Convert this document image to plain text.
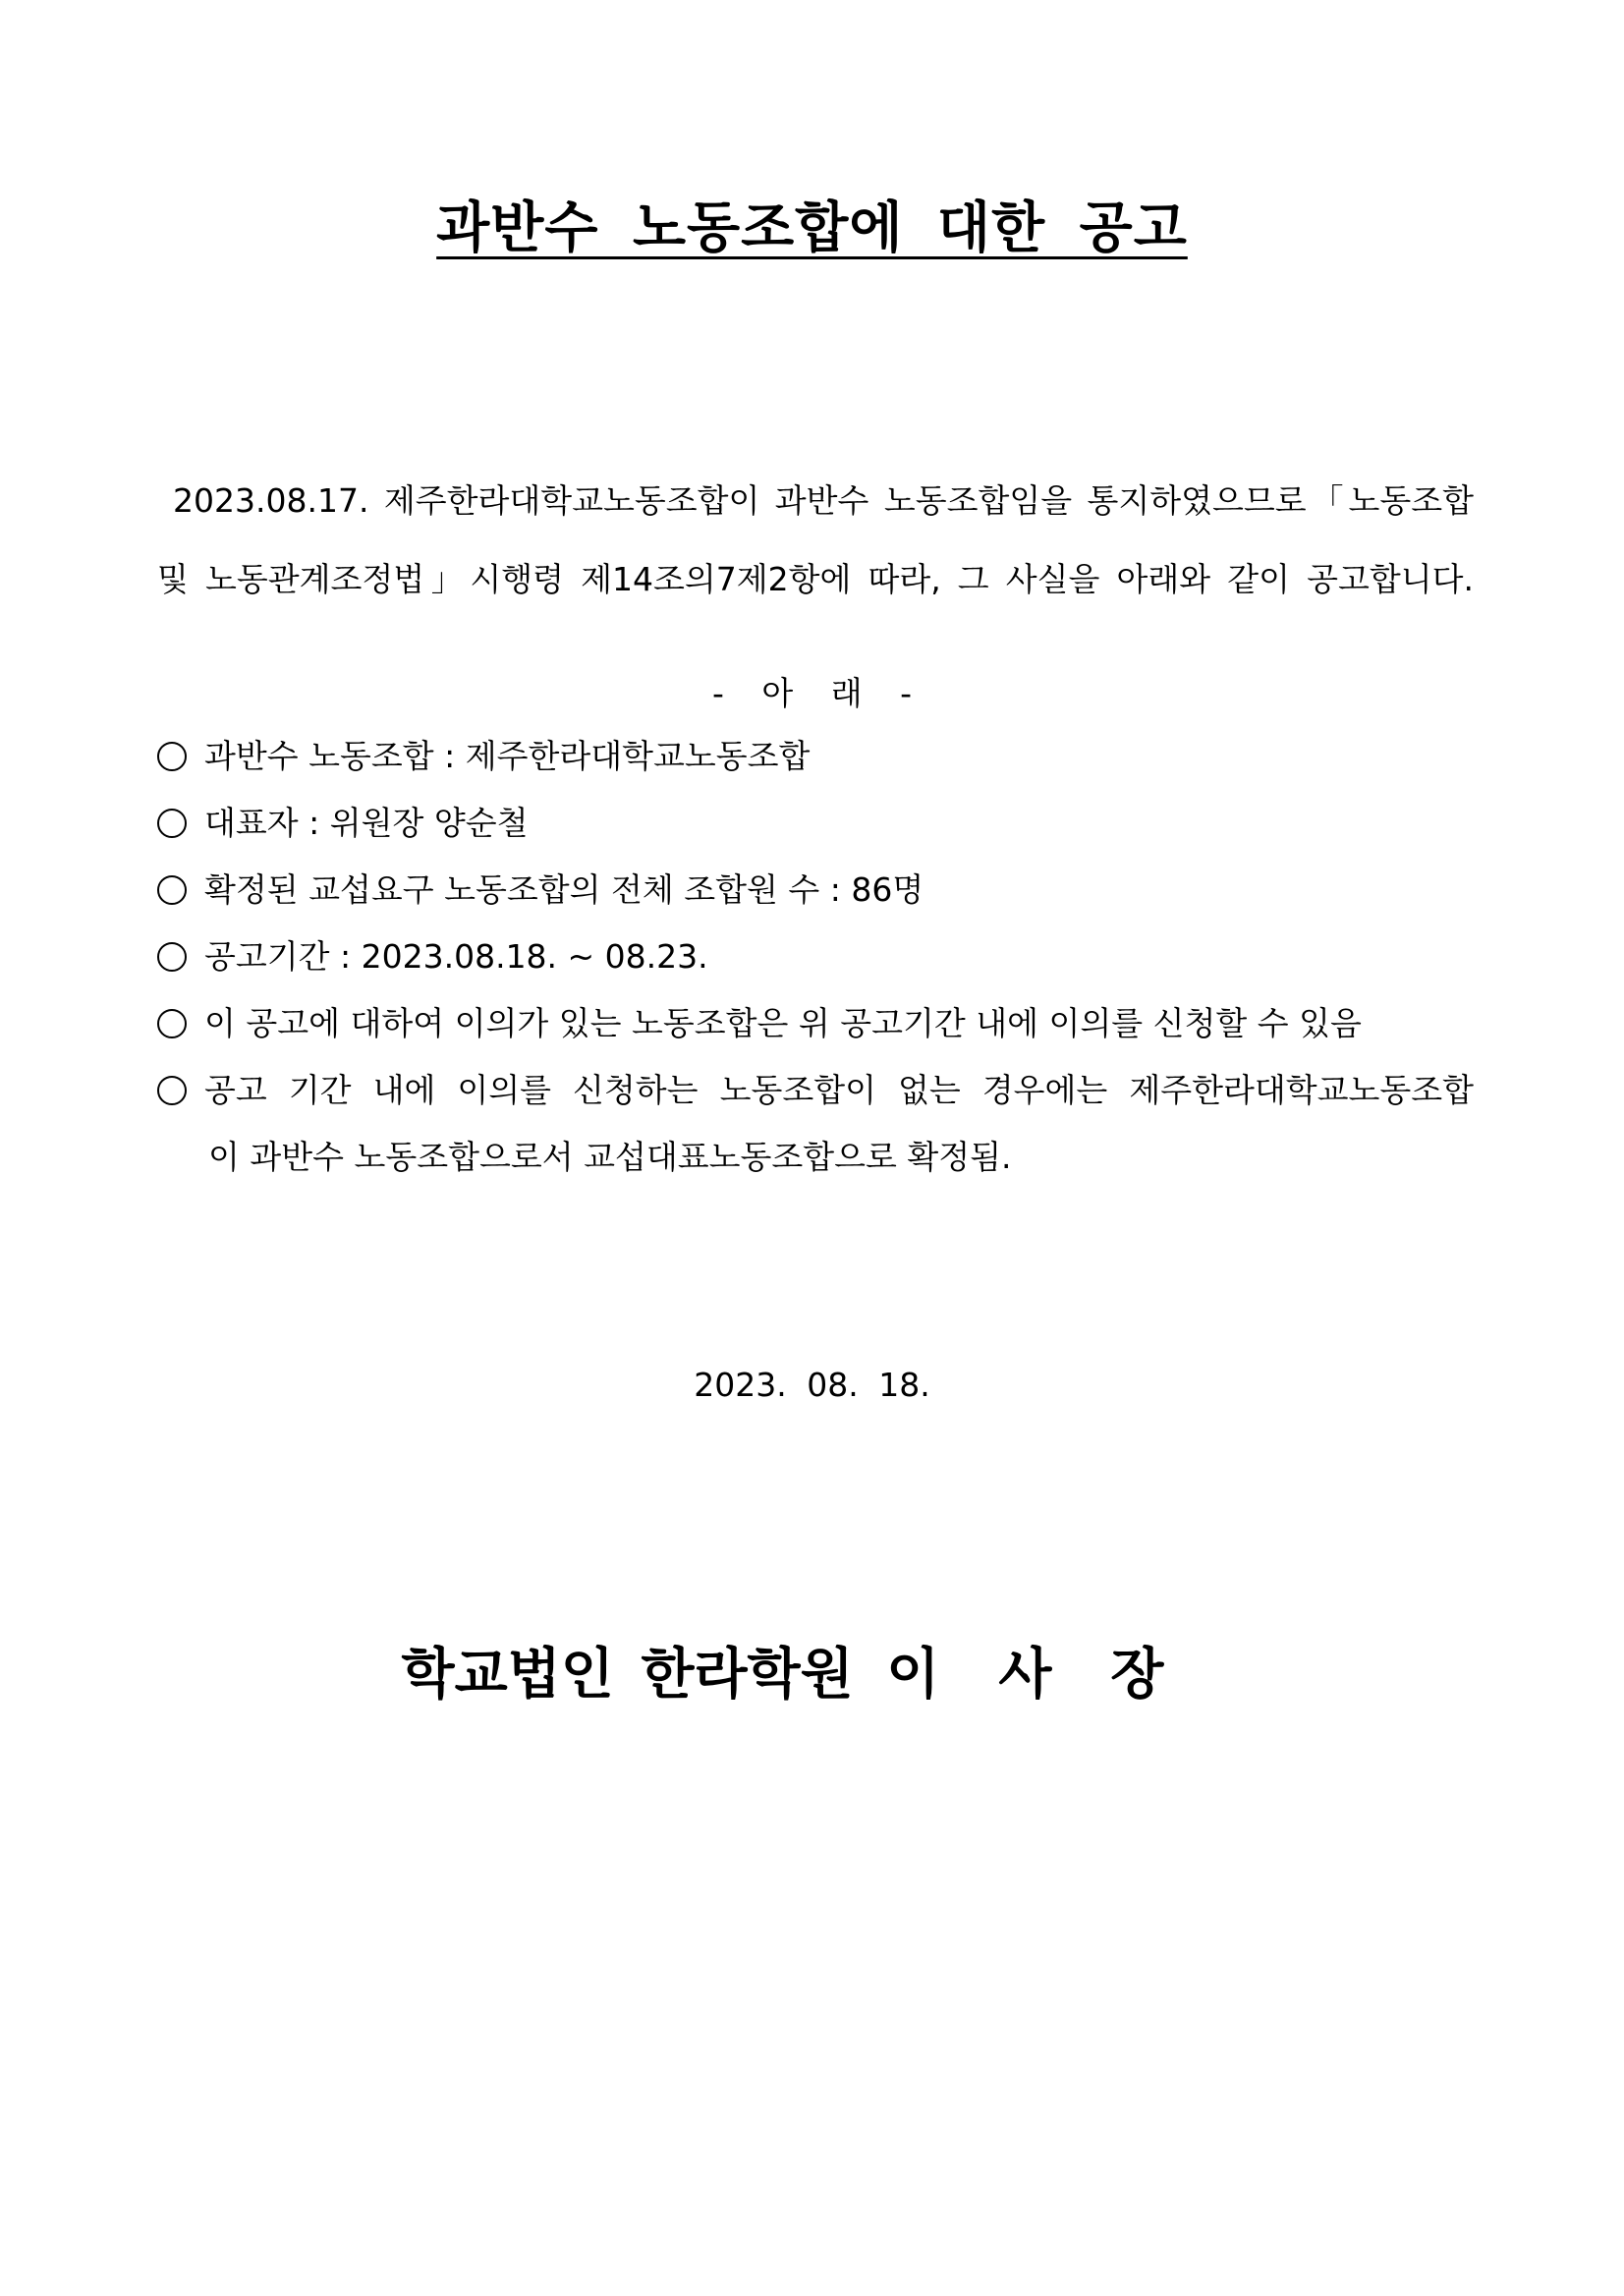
과반수 노동조합에 대한 공고
2023.08.17. 제주한라대학교노동조합이 과반수 노동조합임을 통지하였으므로「노동조합
및 노동관계조정법」시행령 제14조의7제2항에 따라, 그 사실을 아래와 같이 공고합니다.
- 아 래 -
과반수 노동조합 : 제주한라대학교노동조합
대표자 : 위원장 양순철
확정된 교섭요구 노동조합의 전체 조합원 수 : 86명
공고기간 : 2023.08.18. ~ 08.23.
이 공고에 대하여 이의가 있는 노동조합은 위 공고기간 내에 이의를 신청할 수 있음
공고 기간 내에 이의를 신청하는 노동조합이 없는 경우에는 제주한라대학교노동조합
이 과반수 노동조합으로서 교섭대표노동조합으로 확정됨.
2023. 08. 18.
학교법인 한라학원 이사장
